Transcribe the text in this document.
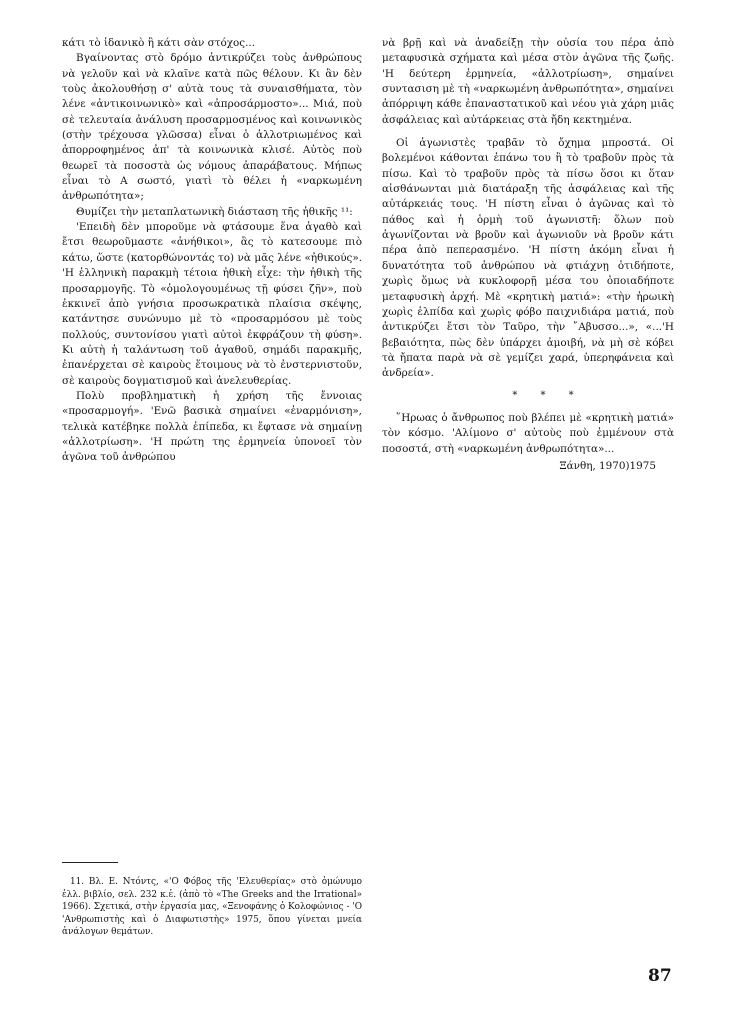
κάτι τὸ ἰδανικὸ ἢ κάτι σὰν στόχος...

Βγαίνοντας στὸ δρόμο ἀντικρύζει τοὺς ἀνθρώπους νὰ γελοῦν καὶ νὰ κλαῖνε κατὰ πῶς θέλουν. Κι ἂν δὲν τοὺς ἀκολουθήσῃ σ' αὐτὰ τους τὰ συναισθήματα, τὸν λένε «ἀντικοινωνικὸ» καὶ «ἀπροσάρμοστο»... Μιά, ποὺ σὲ τελευταία ἀνάλυση προσαρμοσμένος καὶ κοινωνικὸς (στὴν τρέχουσα γλῶσσα) εἶναι ὁ ἀλλοτριωμένος καὶ ἀπορροφημένος ἀπ' τὰ κοινωνικὰ κλισέ. Αὐτὸς ποὺ θεωρεῖ τὰ ποσοστὰ ὡς νόμους ἀπαράβατους. Μήπως εἶναι τὸ Α σωστό, γιατὶ τὸ θέλει ἡ «ναρκωμένη ἀνθρωπότητα»;

Θυμίζει τὴν μεταπλατωνικὴ διάσταση τῆς ἠθικῆς ¹¹:

'Επειδὴ δὲν μποροῦμε νὰ φτάσουμε ἕνα ἀγαθὸ καὶ ἔτσι θεωροῦμαστε «ἀνήθικοι», ἂς τὸ κατεσουμε πιὸ κάτω, ὥστε (κατορθώνοντάς το) νὰ μᾶς λένε «ἠθικούς». 'Η ἑλληνικὴ παρακμὴ τέτοια ἠθικὴ εἶχε: τὴν ἠθικὴ τῆς προσαρμογῆς. Τὸ «ὁμολογουμένως τῇ φύσει ζῆν», ποὺ ἐκκινεῖ ἀπὸ γνήσια προσωκρατικὰ πλαίσια σκέψης, κατάντησε συνώνυμο μὲ τὸ «προσαρμόσου μὲ τοὺς πολλούς, συντονίσου γιατὶ αὐτοὶ ἐκφράζουν τὴ φύση». Κι αὐτὴ ἡ ταλάντωση τοῦ ἀγαθοῦ, σημάδι παρακμῆς, ἐπανέρχεται σὲ καιροὺς ἕτοιμους νὰ τὸ ἐνστερνιστοῦν, σὲ καιροὺς δογματισμοῦ καὶ ἀνελευθερίας.

Πολὺ προβληματικὴ ἡ χρήση τῆς ἔννοιας «προσαρμογή». 'Ενῶ βασικὰ σημαίνει «ἐναρμόνιση», τελικὰ κατέβηκε πολλὰ ἐπίπεδα, κι ἔφτασε νὰ σημαίνῃ «ἀλλοτρίωση». 'Η πρώτη της ἑρμηνεία ὑπονοεῖ τὸν ἀγῶνα τοῦ ἀνθρώπου

νὰ βρῇ καὶ νὰ ἀναδείξῃ τὴν οὐσία του πέρα ἀπὸ μεταφυσικὰ σχήματα καὶ μέσα στὸν ἀγῶνα τῆς ζωῆς. 'Η δεύτερη ἑρμηνεία, «ἀλλοτρίωση», σημαίνει συντασιση μὲ τὴ «ναρκωμένη ἀνθρωπότητα», σημαίνει ἀπόρριψη κάθε ἐπαναστατικοῦ καὶ νέου γιὰ χάρη μιᾶς ἀσφάλειας καὶ αὐτάρκειας στὰ ἤδη κεκτημένα.

Οἱ ἀγωνιστὲς τραβᾶν τὸ ὄχημα μπροστά. Οἱ βολεμένοι κάθονται ἐπάνω του ἢ τὸ τραβοῦν πρὸς τὰ πίσω. Καὶ τὸ τραβοῦν πρὸς τὰ πίσω ὅσοι κι ὅταν αἰσθάνωνται μιὰ διατάραξη τῆς ἀσφάλειας καὶ τῆς αὐτάρκειάς τους. 'Η πίστη εἶναι ὁ ἀγῶνας καὶ τὸ πάθος καὶ ἡ ὁρμὴ τοῦ ἀγωνιστῆ: ὅλων ποὺ ἀγωνίζονται νὰ βροῦν καὶ ἀγωνιοῦν νὰ βροῦν κάτι πέρα ἀπὸ πεπερασμένο. 'Η πίστη ἀκόμη εἶναι ἡ δυνατότητα τοῦ ἀνθρώπου νὰ φτιάχνῃ ὁτιδήποτε, χωρὶς ὅμως νὰ κυκλοφορῇ μέσα του ὁποιαδήποτε μεταφυσικὴ ἀρχή. Μὲ «κρητικὴ ματιά»: «τὴν ἡρωικὴ χωρὶς ἐλπίδα καὶ χωρὶς φόβο παιχνιδιάρα ματιά, ποὺ ἀντικρύζει ἔτσι τὸν Ταῦρο, τὴν ῎Αβυσσο...», «...'Η βεβαιότητα, πὼς δὲν ὑπάρχει ἀμοιβή, νὰ μὴ σὲ κόβει τὰ ἤπατα παρὰ νὰ σὲ γεμίζει χαρά, ὑπερηφάνεια καὶ ἀνδρεία».

* * *

῞Ηρωας ὁ ἄνθρωπος ποὺ βλέπει μὲ «κρητικὴ ματιά» τὸν κόσμο. 'Αλίμονο σ' αὐτοὺς ποὺ ἐμμένουν στὰ ποσοστά, στὴ «ναρκωμένη ἀνθρωπότητα»...

Ξάνθη, 1970)1975

11. Βλ. Ε. Ντόντς, «'Ο Φόβος τῆς 'Ελευθερίας» στὸ ὁμώνυμο ἑλλ. βιβλίο, σελ. 232 κ.ἑ. (ἀπὸ τὸ «The Greeks and the Irrational» 1966). Σχετικά, στὴν ἐργασία μας, «Ξενοφάνης ὁ Κολοφώνιος - 'Ο 'Ανθρωπιστὴς καὶ ὁ Διαφωτιστὴς» 1975, ὅπου γίνεται μνεία ἀνάλογων θεμάτων.

87
